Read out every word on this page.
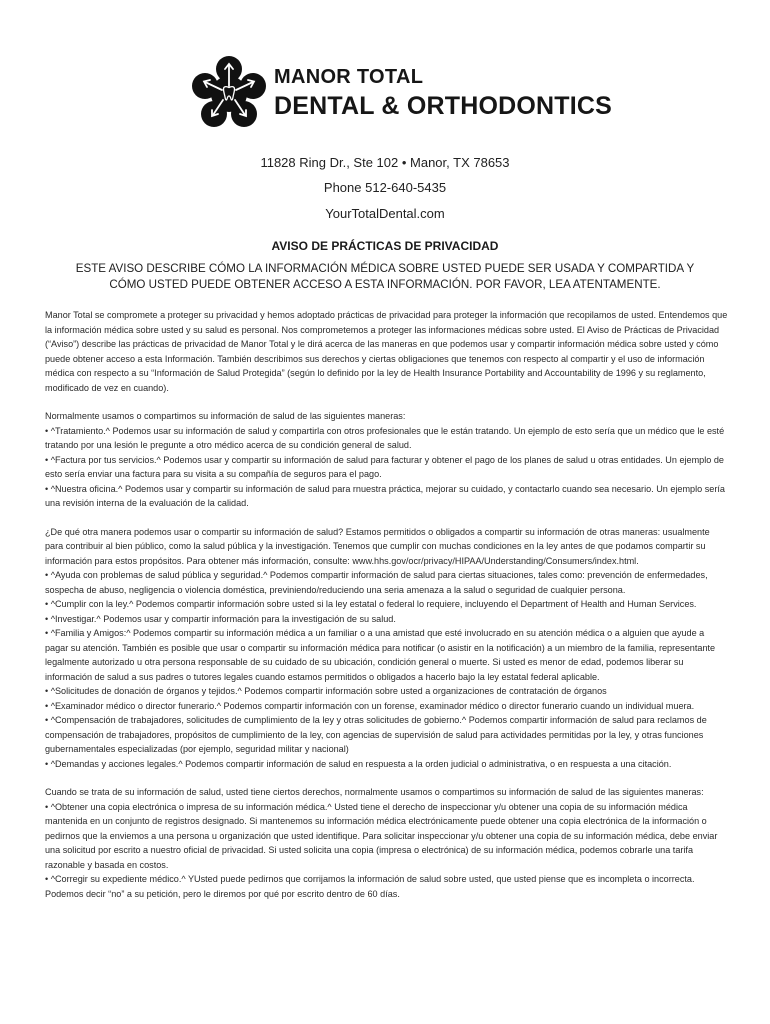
MANOR TOTAL
DENTAL & ORTHODONTICS
11828 Ring Dr., Ste 102 • Manor, TX 78653
Phone 512-640-5435
YourTotalDental.com
AVISO DE PRÁCTICAS DE PRIVACIDAD
ESTE AVISO DESCRIBE CÓMO LA INFORMACIÓN MÉDICA SOBRE USTED PUEDE SER USADA Y COMPARTIDA Y CÓMO USTED PUEDE OBTENER ACCESO A ESTA INFORMACIÓN. POR FAVOR, LEA ATENTAMENTE.

Manor Total se compromete a proteger su privacidad y hemos adoptado prácticas de privacidad para proteger la información que recopilamos de usted. Entendemos que la información médica sobre usted y su salud es personal. Nos comprometemos a proteger las informaciones médicas sobre usted. El Aviso de Prácticas de Privacidad (“Aviso”) describe las prácticas de privacidad de Manor Total y le dirá acerca de las maneras en que podemos usar y compartir información médica sobre usted y cómo puede obtener acceso a esta Información. También describimos sus derechos y ciertas obligaciones que tenemos con respecto al compartir y el uso de información médica con respecto a su “Información de Salud Protegida” (según lo definido por la ley de Health Insurance Portability and Accountability de 1996 y su reglamento, modificado de vez en cuando).

Normalmente usamos o compartimos su información de salud de las siguientes maneras:
• ^Tratamiento.^ Podemos usar su información de salud y compartirla con otros profesionales que le están tratando. Un ejemplo de esto sería que un médico que le esté tratando por una lesión le pregunte a otro médico acerca de su condición general de salud.
• ^Factura por tus servicios.^ Podemos usar y compartir su información de salud para facturar y obtener el pago de los planes de salud u otras entidades. Un ejemplo de esto sería enviar una factura para su visita a su compañía de seguros para el pago.
• ^Nuestra oficina.^ Podemos usar y compartir su información de salud para rnuestra práctica, mejorar su cuidado, y contactarlo cuando sea necesario. Un ejemplo sería una revisión interna de la evaluación de la calidad.
¿De qué otra manera podemos usar o compartir su información de salud? Estamos permitidos o obligados a compartir su información de otras maneras: usualmente para contribuir al bien público, como la salud pública y la investigación. Tenemos que cumplir con muchas condiciones en la ley antes de que podamos compartir su información para estos propósitos. Para obtener más información, consulte: www.hhs.gov/ocr/privacy/HIPAA/Understanding/Consumers/index.html.
• ^Ayuda con problemas de salud pública y seguridad.^ Podemos compartir información de salud para ciertas situaciones, tales como: prevención de enfermedades, sospecha de abuso, negligencia o violencia doméstica, previniendo/reduciendo una seria amenaza a la salud o seguridad de cualquier persona.
• ^Cumplir con la ley.^ Podemos compartir información sobre usted si la ley estatal o federal lo requiere, incluyendo el Department of Health and Human Services.
• ^Investigar.^ Podemos usar y compartir información para la investigación de su salud.
• ^Familia y Amigos:^ Podemos compartir su información médica a un familiar o a una amistad que esté involucrado en su atención médica o a alguien que ayude a pagar su atención. También es posible que usar o compartir su información médica para notificar (o asistir en la notificación) a un miembro de la familia, representante legalmente autorizado u otra persona responsable de su cuidado de su ubicación, condición general o muerte. Si usted es menor de edad, podemos liberar su información de salud a sus padres o tutores legales cuando estamos permitidos o obligados a hacerlo bajo la ley estatal federal aplicable.
• ^Solicitudes de donación de órganos y tejidos.^ Podemos compartir información sobre usted a organizaciones de contratación de órganos
• ^Examinador médico o director funerario.^ Podemos compartir información con un forense, examinador médico o director funerario cuando un individual muera.
• ^Compensación de trabajadores, solicitudes de cumplimiento de la ley y otras solicitudes de gobierno.^ Podemos compartir información de salud para reclamos de compensación de trabajadores, propósitos de cumplimiento de la ley, con agencias de supervisión de salud para actividades permitidas por la ley, y otras funciones gubernamentales especializadas (por ejemplo, seguridad militar y nacional)
• ^Demandas y acciones legales.^ Podemos compartir información de salud en respuesta a la orden judicial o administrativa, o en respuesta a una citación.
Cuando se trata de su información de salud, usted tiene ciertos derechos, normalmente usamos o compartimos su información de salud de las siguientes maneras:
• ^Obtener una copia electrónica o impresa de su información médica.^ Usted tiene el derecho de inspeccionar y/u obtener una copia de su información médica mantenida en un conjunto de registros designado. Si mantenemos su información médica electrónicamente puede obtener una copia electrónica de la información o pedirnos que la enviemos a una persona u organización que usted identifique. Para solicitar inspeccionar y/u obtener una copia de su información médica, debe enviar una solicitud por escrito a nuestro oficial de privacidad. Si usted solicita una copia (impresa o electrónica) de su información médica, podemos cobrarle una tarifa razonable y basada en costos.
• ^Corregir su expediente médico.^ YUsted puede pedirnos que corrijamos la información de salud sobre usted, que usted piense que es incompleta o incorrecta. Podemos decir “no” a su petición, pero le diremos por qué por escrito dentro de 60 días.
